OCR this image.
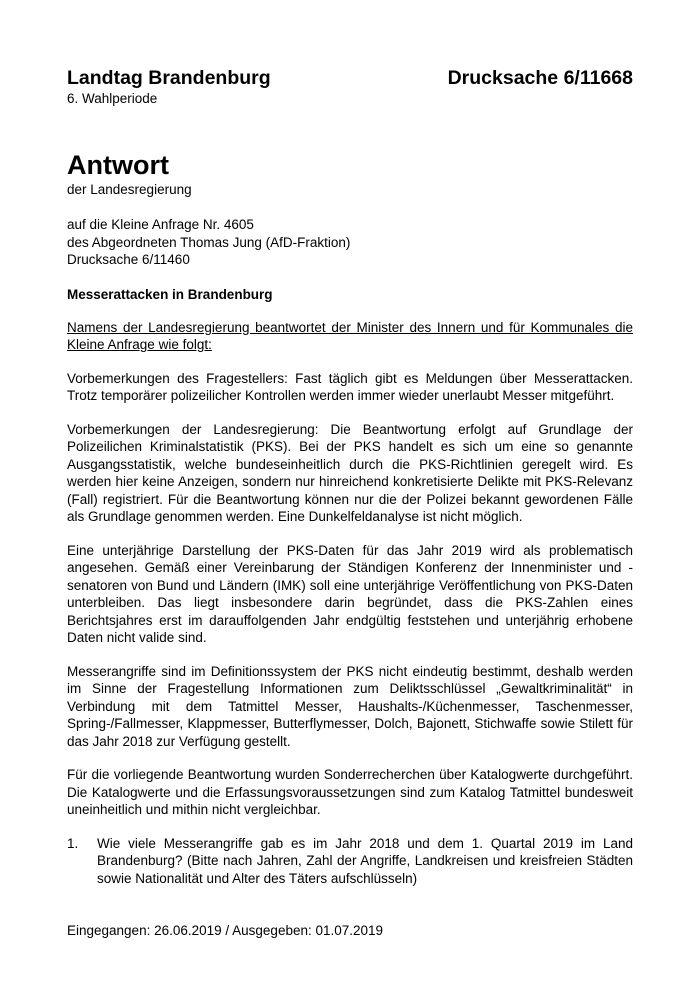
Landtag Brandenburg	Drucksache 6/11668
6. Wahlperiode
Antwort
der Landesregierung
auf die Kleine Anfrage Nr. 4605
des Abgeordneten Thomas Jung (AfD-Fraktion)
Drucksache 6/11460
Messerattacken in Brandenburg
Namens der Landesregierung beantwortet der Minister des Innern und für Kommunales die Kleine Anfrage wie folgt:
Vorbemerkungen des Fragestellers: Fast täglich gibt es Meldungen über Messerattacken. Trotz temporärer polizeilicher Kontrollen werden immer wieder unerlaubt Messer mitgeführt.
Vorbemerkungen der Landesregierung: Die Beantwortung erfolgt auf Grundlage der Polizeilichen Kriminalstatistik (PKS). Bei der PKS handelt es sich um eine so genannte Ausgangsstatistik, welche bundeseinheitlich durch die PKS-Richtlinien geregelt wird. Es werden hier keine Anzeigen, sondern nur hinreichend konkretisierte Delikte mit PKS-Relevanz (Fall) registriert. Für die Beantwortung können nur die der Polizei bekannt gewordenen Fälle als Grundlage genommen werden. Eine Dunkelfeldanalyse ist nicht möglich.
Eine unterjährige Darstellung der PKS-Daten für das Jahr 2019 wird als problematisch angesehen. Gemäß einer Vereinbarung der Ständigen Konferenz der Innenminister und -senatoren von Bund und Ländern (IMK) soll eine unterjährige Veröffentlichung von PKS-Daten unterbleiben. Das liegt insbesondere darin begründet, dass die PKS-Zahlen eines Berichtsjahres erst im darauffolgenden Jahr endgültig feststehen und unterjährig erhobene Daten nicht valide sind.
Messerangriffe sind im Definitionssystem der PKS nicht eindeutig bestimmt, deshalb werden im Sinne der Fragestellung Informationen zum Deliktsschlüssel „Gewaltkriminalität“ in Verbindung mit dem Tatmittel Messer, Haushalts-/Küchenmesser, Taschenmesser, Spring-/Fallmesser, Klappmesser, Butterflymesser, Dolch, Bajonett, Stichwaffe sowie Stilett für das Jahr 2018 zur Verfügung gestellt.
Für die vorliegende Beantwortung wurden Sonderrecherchen über Katalogwerte durchgeführt. Die Katalogwerte und die Erfassungsvoraussetzungen sind zum Katalog Tatmittel bundesweit uneinheitlich und mithin nicht vergleichbar.
1.	Wie viele Messerangriffe gab es im Jahr 2018 und dem 1. Quartal 2019 im Land Brandenburg? (Bitte nach Jahren, Zahl der Angriffe, Landkreisen und kreisfreien Städten sowie Nationalität und Alter des Täters aufschlüsseln)
Eingegangen: 26.06.2019 / Ausgegeben: 01.07.2019
